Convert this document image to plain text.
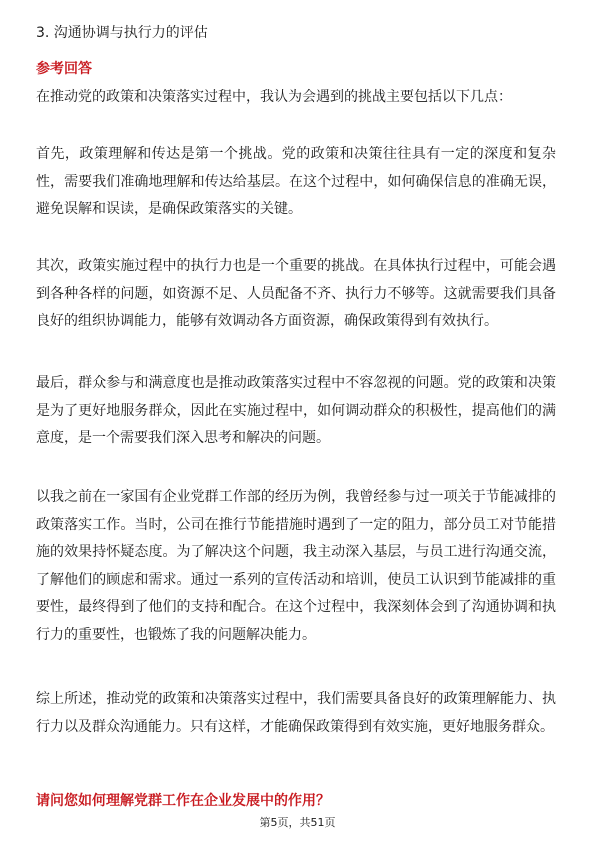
3. 沟通协调与执行力的评估
参考回答

在推动党的政策和决策落实过程中，我认为会遇到的挑战主要包括以下几点：

首先，政策理解和传达是第一个挑战。党的政策和决策往往具有一定的深度和复杂性，需要我们准确地理解和传达给基层。在这个过程中，如何确保信息的准确无误，避免误解和误读，是确保政策落实的关键。

其次，政策实施过程中的执行力也是一个重要的挑战。在具体执行过程中，可能会遇到各种各样的问题，如资源不足、人员配备不齐、执行力不够等。这就需要我们具备良好的组织协调能力，能够有效调动各方面资源，确保政策得到有效执行。

最后，群众参与和满意度也是推动政策落实过程中不容忽视的问题。党的政策和决策是为了更好地服务群众，因此在实施过程中，如何调动群众的积极性，提高他们的满意度，是一个需要我们深入思考和解决的问题。

以我之前在一家国有企业党群工作部的经历为例，我曾经参与过一项关于节能减排的政策落实工作。当时，公司在推行节能措施时遇到了一定的阻力，部分员工对节能措施的效果持怀疑态度。为了解决这个问题，我主动深入基层，与员工进行沟通交流，了解他们的顾虑和需求。通过一系列的宣传活动和培训，使员工认识到节能减排的重要性，最终得到了他们的支持和配合。在这个过程中，我深刻体会到了沟通协调和执行力的重要性，也锻炼了我的问题解决能力。

综上所述，推动党的政策和决策落实过程中，我们需要具备良好的政策理解能力、执行力以及群众沟通能力。只有这样，才能确保政策得到有效实施，更好地服务群众。

请问您如何理解党群工作在企业发展中的作用？
第5页，共51页
